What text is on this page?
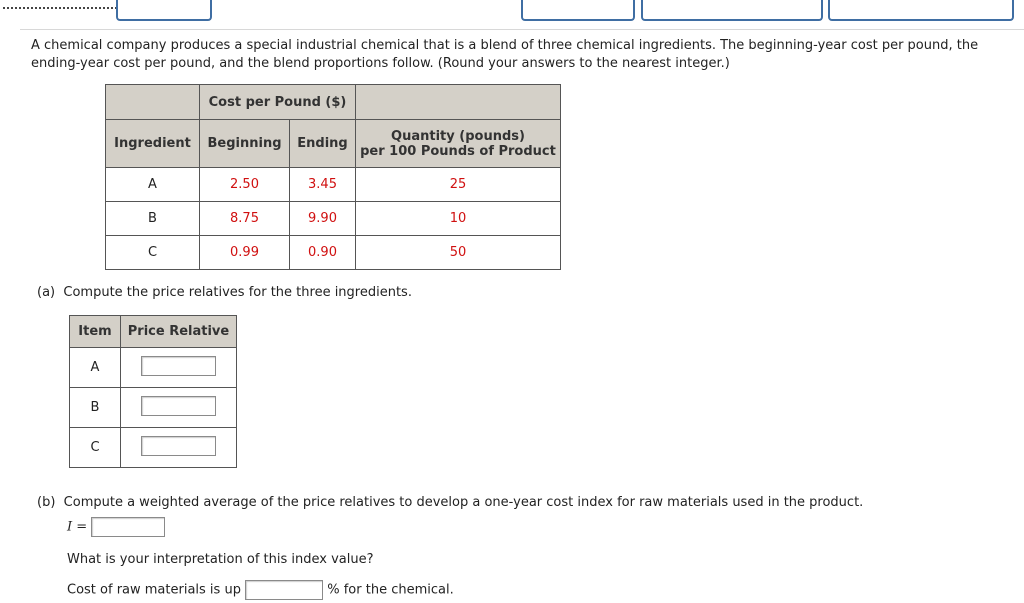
A chemical company produces a special industrial chemical that is a blend of three chemical ingredients. The beginning-year cost per pound, the ending-year cost per pound, and the blend proportions follow. (Round your answers to the nearest integer.)
	Cost per Pound ($)		
Ingredient	Beginning	Ending	Quantity (pounds)
per 100 Pounds of Product
A	2.50	3.45	25
B	8.75	9.90	10
C	0.99	0.90	50
(a) Compute the price relatives for the three ingredients.
Item	Price Relative
A	
B	
C	
(b) Compute a weighted average of the price relatives to develop a one-year cost index for raw materials used in the product.
I =
What is your interpretation of this index value?
Cost of raw materials is up	% for the chemical.
